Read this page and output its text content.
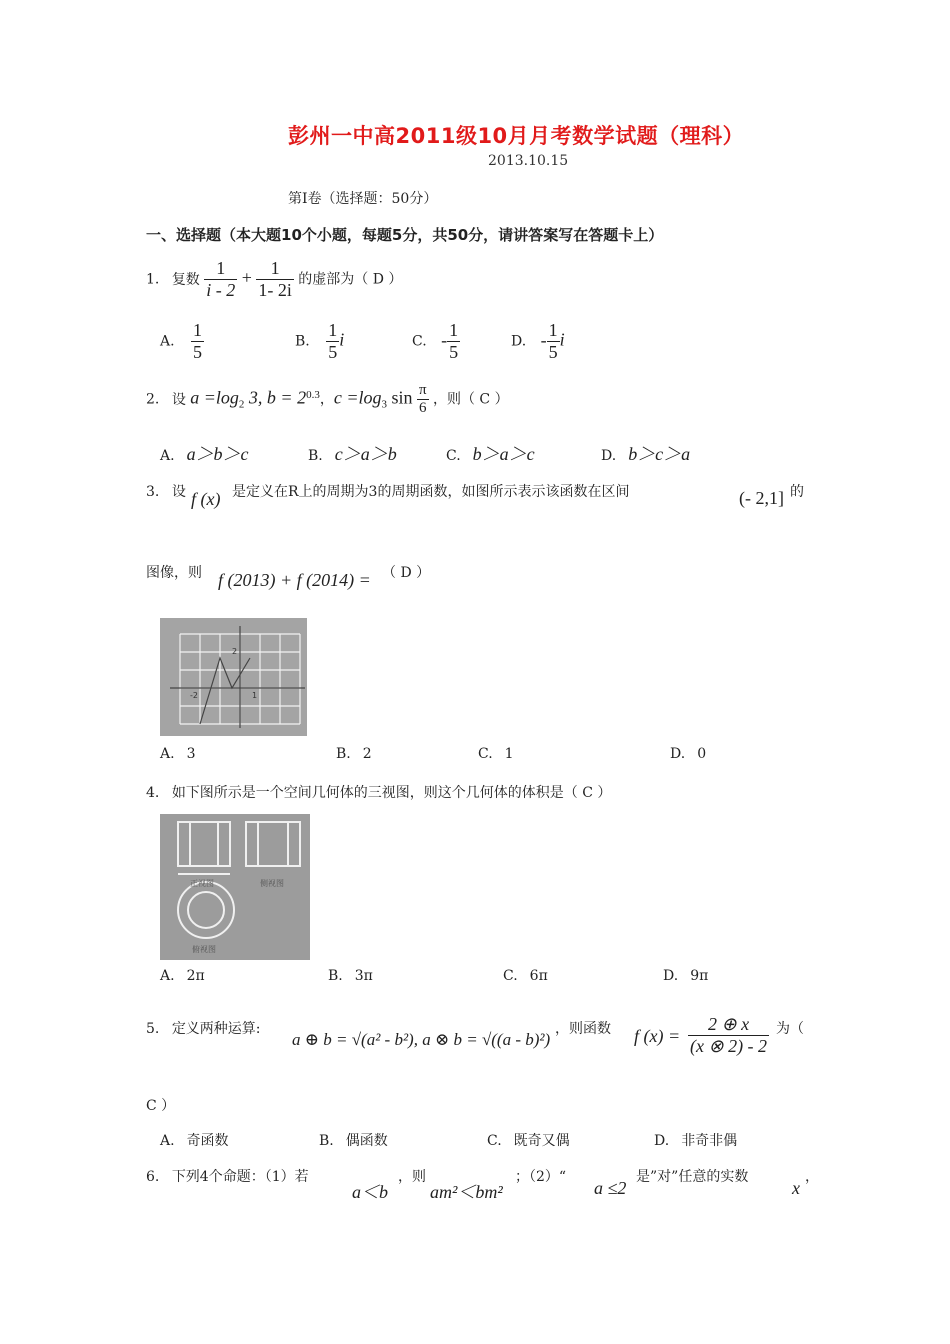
彭州一中高2011级10月月考数学试题（理科）
2013.10.15
第I卷（选择题：50分）
一、选择题（本大题10个小题，每题5分，共50分，请讲答案写在答题卡上）
1. 复数 $\frac{1}{i - 2} + \frac{1}{1- 2i}$ 的虚部为（ D ）
A. $\frac{1}{5}$	B. $\frac{1}{5}$ i	C. - $\frac{1}{5}$	D. - $\frac{1}{5}$ i
2. 设 $a =\log_2$ 3, $b = 2^{0.3}$，$c =\log_3$ $\sin \frac{\pi}{6}$ ，则（ C ）
A. a＞b＞c	B. c＞a＞b	C. b＞a＞c	D. b＞c＞a
3. 设 f (x) 是定义在R上的周期为3的周期函数，如图所示表示该函数在区间	(- 2,1] 的
图像，则 f (2013) + f (2014) = （ D ）
-2	1
2
A. 3	B. 2	C. 1	D. 0
4. 如下图所示是一个空间几何体的三视图，则这个几何体的体积是（ C ）
正视图	侧视图
俯视图
A. 2π	B. 3π	C. 6π	D. 9π
5. 定义两种运算:
a ⊕ b = √(a² - b²), a ⊗ b = √((a - b)²)
，则函数 f $(x) = \frac{2 \oplus x}{(x \otimes 2) - 2}$ 为（
C ）
A. 奇函数	B. 偶函数	C. 既奇又偶	D. 非奇非偶
6. 下列4个命题：（1）若
a＜b
，则
am²＜bm²
；（2）“
a ≤2
是”对”任意的实数
x
，
